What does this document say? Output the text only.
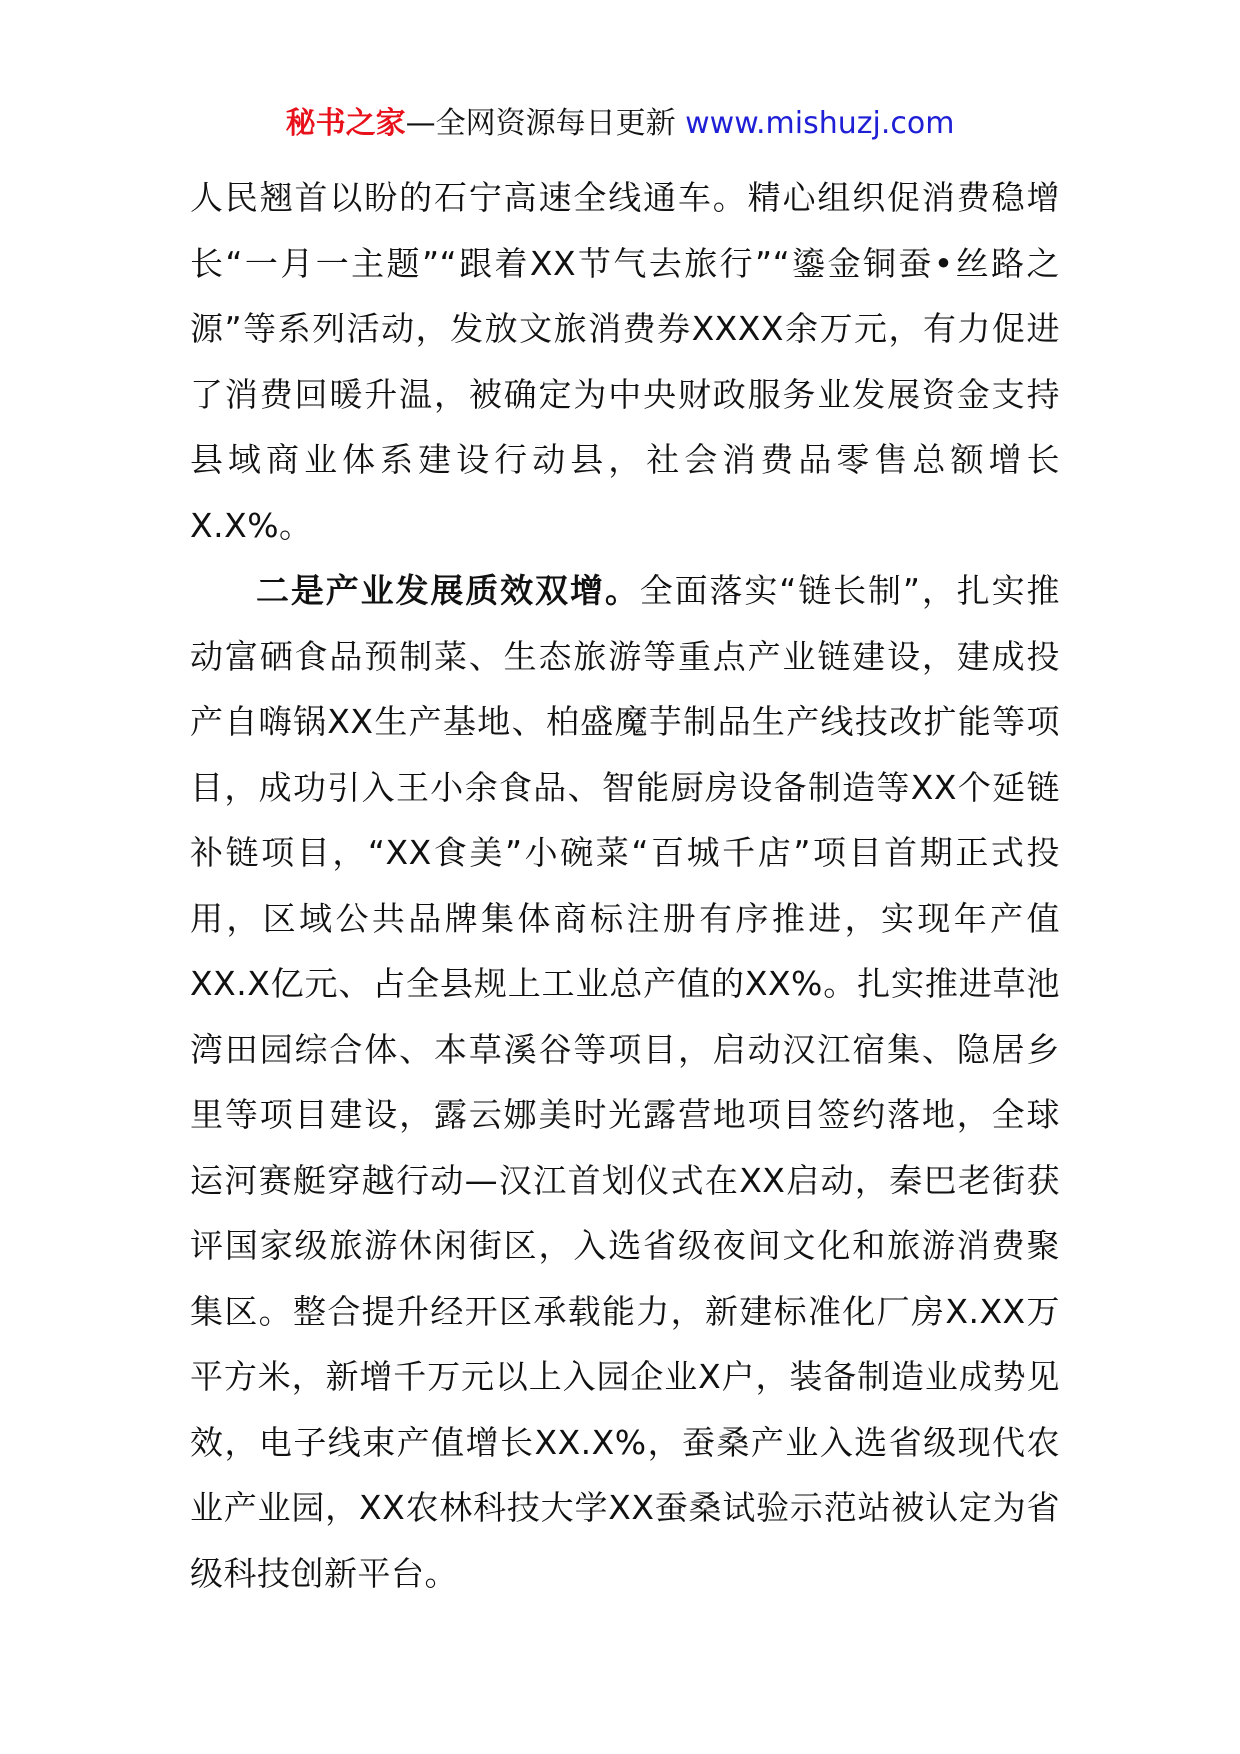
秘书之家—全网资源每日更新 www.mishuzj.com

人民翘首以盼的石宁高速全线通车。精心组织促消费稳增长“一月一主题”“跟着XX节气去旅行”“鎏金铜蚕•丝路之源”等系列活动，发放文旅消费券XXXX余万元，有力促进了消费回暖升温，被确定为中央财政服务业发展资金支持县域商业体系建设行动县，社会消费品零售总额增长X.X%。

二是产业发展质效双增。全面落实“链长制”，扎实推动富硒食品预制菜、生态旅游等重点产业链建设，建成投产自嗨锅XX生产基地、柏盛魔芋制品生产线技改扩能等项目，成功引入王小余食品、智能厨房设备制造等XX个延链补链项目，“XX食美”小碗菜“百城千店”项目首期正式投用，区域公共品牌集体商标注册有序推进，实现年产值XX.X亿元、占全县规上工业总产值的XX%。扎实推进草池湾田园综合体、本草溪谷等项目，启动汉江宿集、隐居乡里等项目建设，露云娜美时光露营地项目签约落地，全球运河赛艇穿越行动—汉江首划仪式在XX启动，秦巴老街获评国家级旅游休闲街区，入选省级夜间文化和旅游消费聚集区。整合提升经开区承载能力，新建标准化厂房X.XX万平方米，新增千万元以上入园企业X户，装备制造业成势见效，电子线束产值增长XX.X%，蚕桑产业入选省级现代农业产业园，XX农林科技大学XX蚕桑试验示范站被认定为省级科技创新平台。
